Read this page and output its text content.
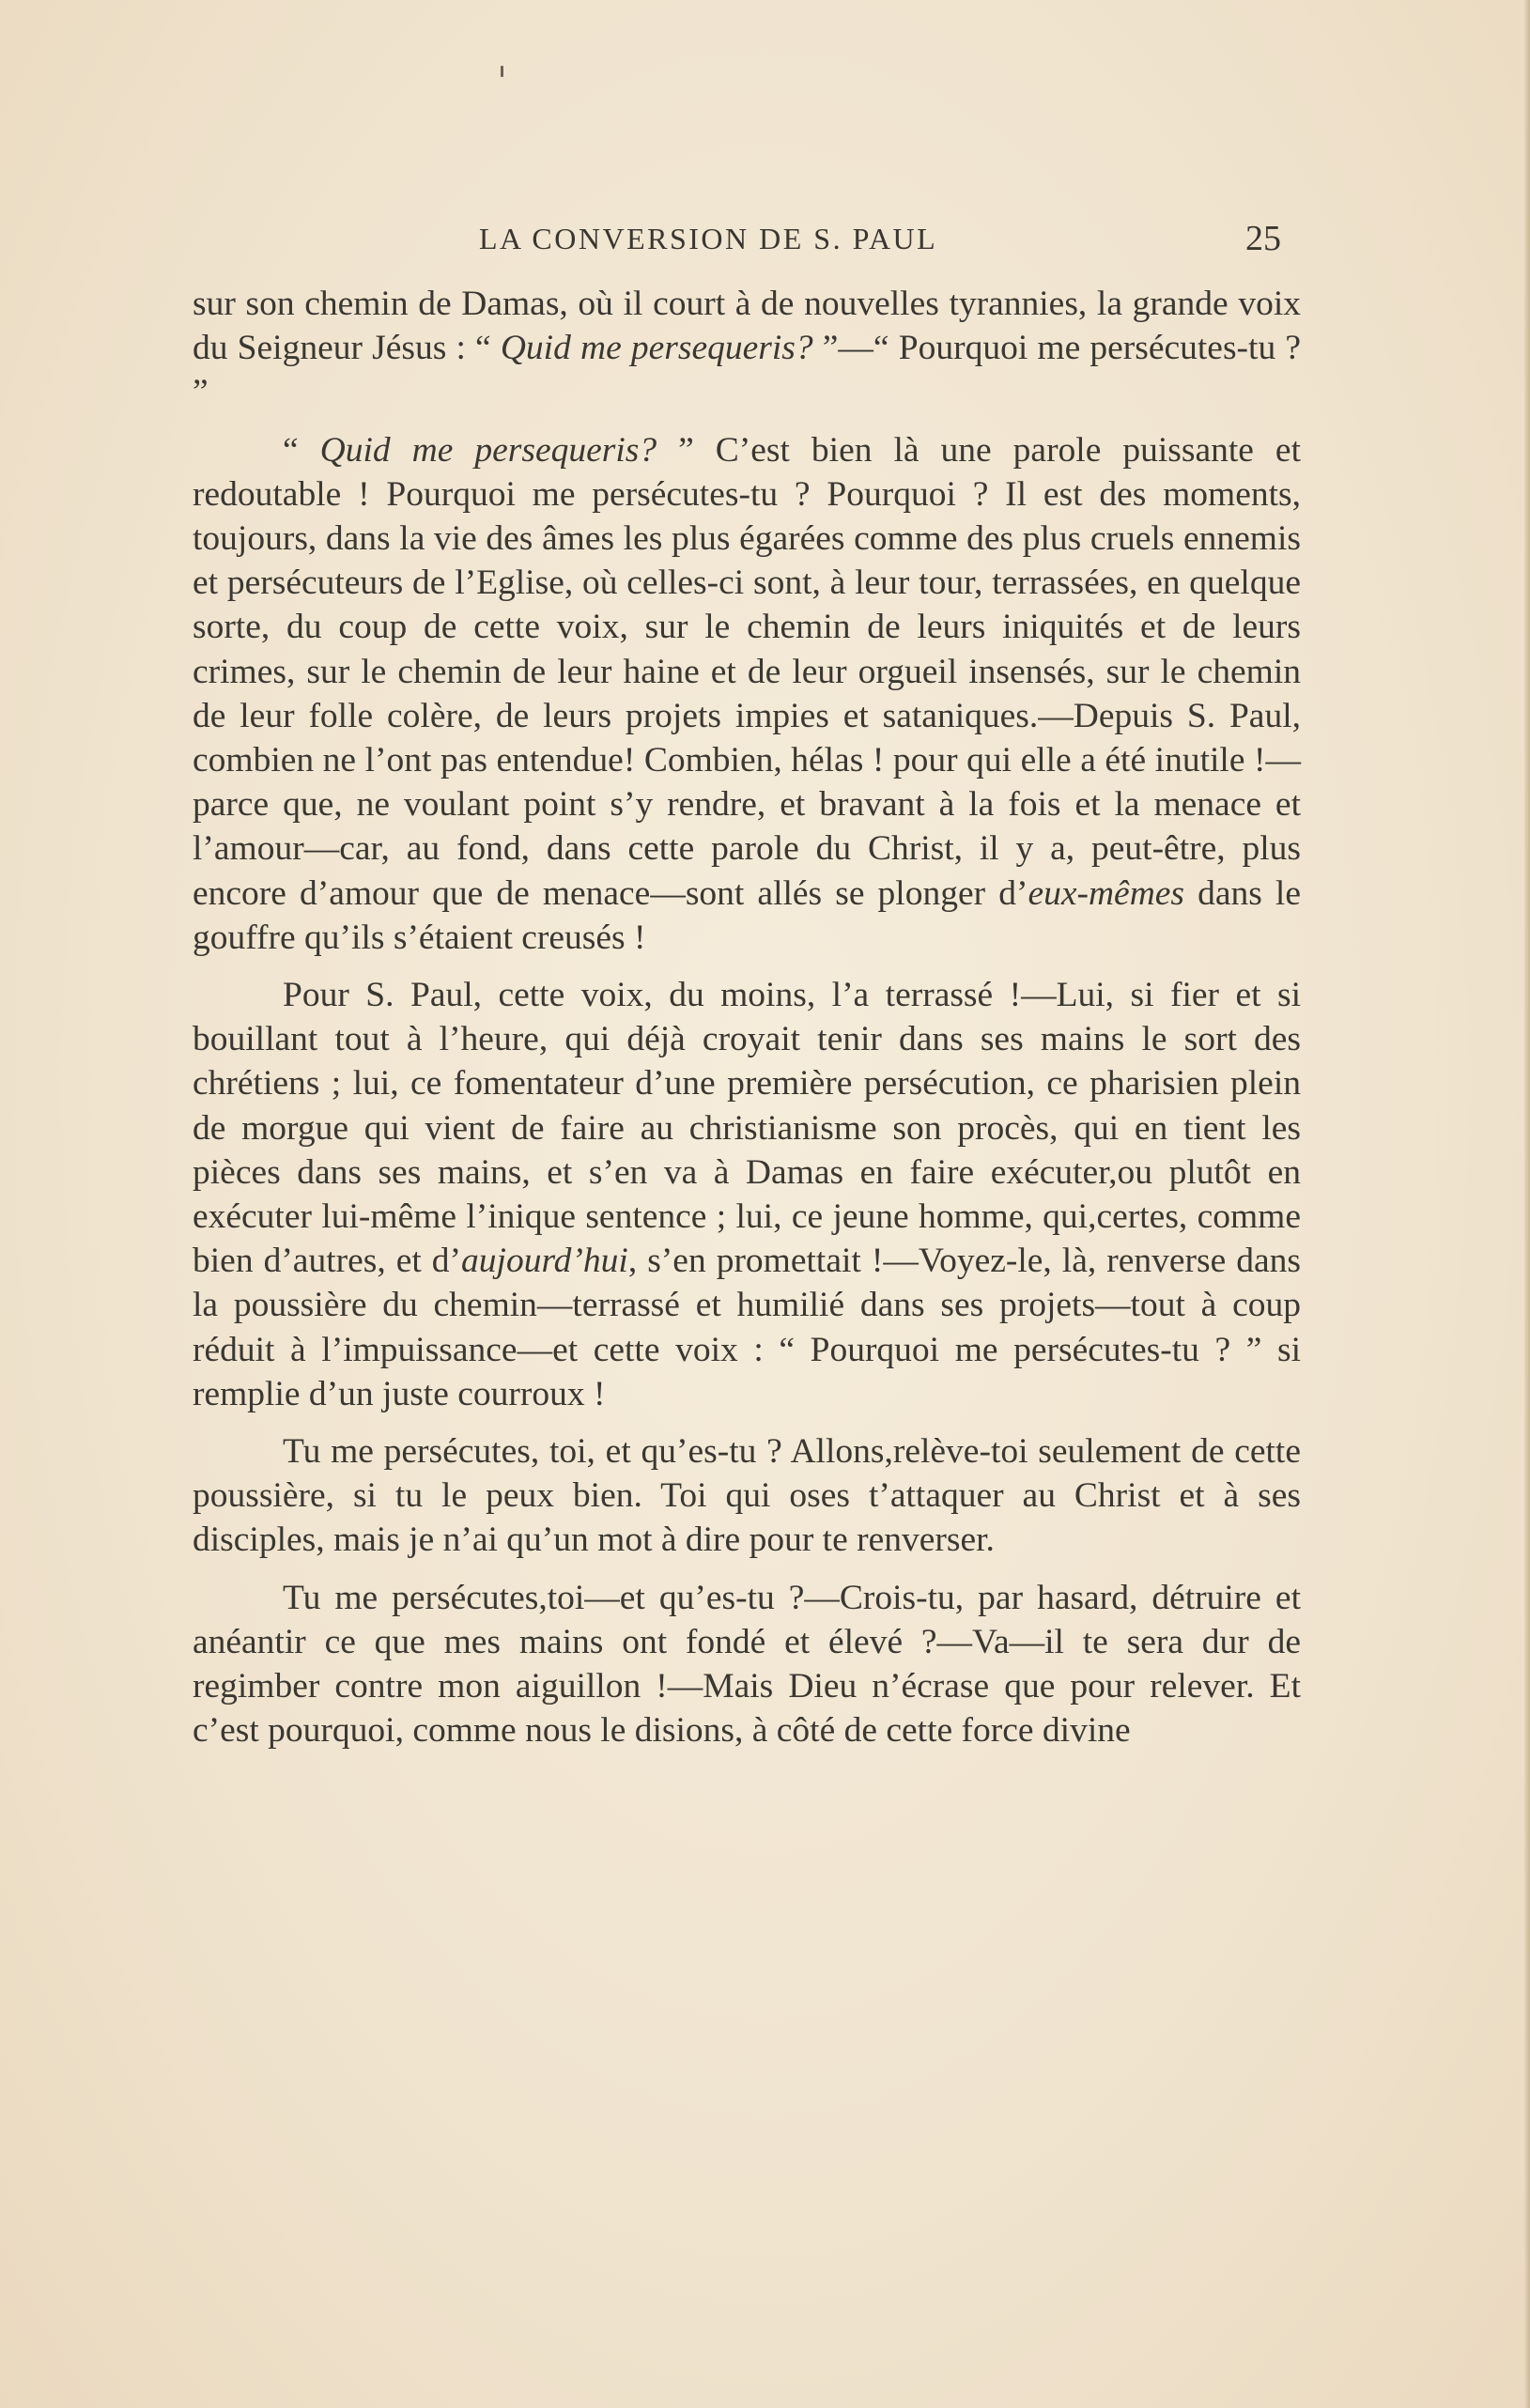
LA CONVERSION DE S. PAUL	25

sur son chemin de Damas, où il court à de nouvelles tyrannies, la grande voix du Seigneur Jésus : “ Quid me persequeris? ”—“ Pourquoi me persécutes-tu ? ”

“ Quid me persequeris? ” C’est bien là une parole puissante et redoutable ! Pourquoi me persécutes-tu ? Pourquoi ? Il est des moments, toujours, dans la vie des âmes les plus égarées comme des plus cruels ennemis et persécuteurs de l’Eglise, où celles-ci sont, à leur tour, terrassées, en quelque sorte, du coup de cette voix, sur le chemin de leurs iniquités et de leurs crimes, sur le chemin de leur haine et de leur orgueil insensés, sur le chemin de leur folle colère, de leurs projets impies et sataniques.—Depuis S. Paul, combien ne l’ont pas entendue! Combien, hélas ! pour qui elle a été inutile !—parce que, ne voulant point s’y rendre, et bravant à la fois et la menace et l’amour—car, au fond, dans cette parole du Christ, il y a, peut-être, plus encore d’amour que de menace—sont allés se plonger d’eux-mêmes dans le gouffre qu’ils s’étaient creusés !

Pour S. Paul, cette voix, du moins, l’a terrassé !—Lui, si fier et si bouillant tout à l’heure, qui déjà croyait tenir dans ses mains le sort des chrétiens ; lui, ce fomentateur d’une première persécution, ce pharisien plein de morgue qui vient de faire au christianisme son procès, qui en tient les pièces dans ses mains, et s’en va à Damas en faire exécuter,ou plutôt en exécuter lui-même l’inique sentence ; lui, ce jeune homme, qui,certes, comme bien d’autres, et d’aujourd’hui, s’en promettait !—Voyez-le, là, renverse dans la poussière du chemin—terrassé et humilié dans ses projets—tout à coup réduit à l’impuissance—et cette voix : “ Pourquoi me persécutes-tu ? ” si remplie d’un juste courroux !

Tu me persécutes, toi, et qu’es-tu ? Allons,relève-toi seulement de cette poussière, si tu le peux bien. Toi qui oses t’attaquer au Christ et à ses disciples, mais je n’ai qu’un mot à dire pour te renverser.

Tu me persécutes,toi—et qu’es-tu ?—Crois-tu, par hasard, détruire et anéantir ce que mes mains ont fondé et élevé ?—Va—il te sera dur de regimber contre mon aiguillon !—Mais Dieu n’écrase que pour relever. Et c’est pourquoi, comme nous le disions, à côté de cette force divine
